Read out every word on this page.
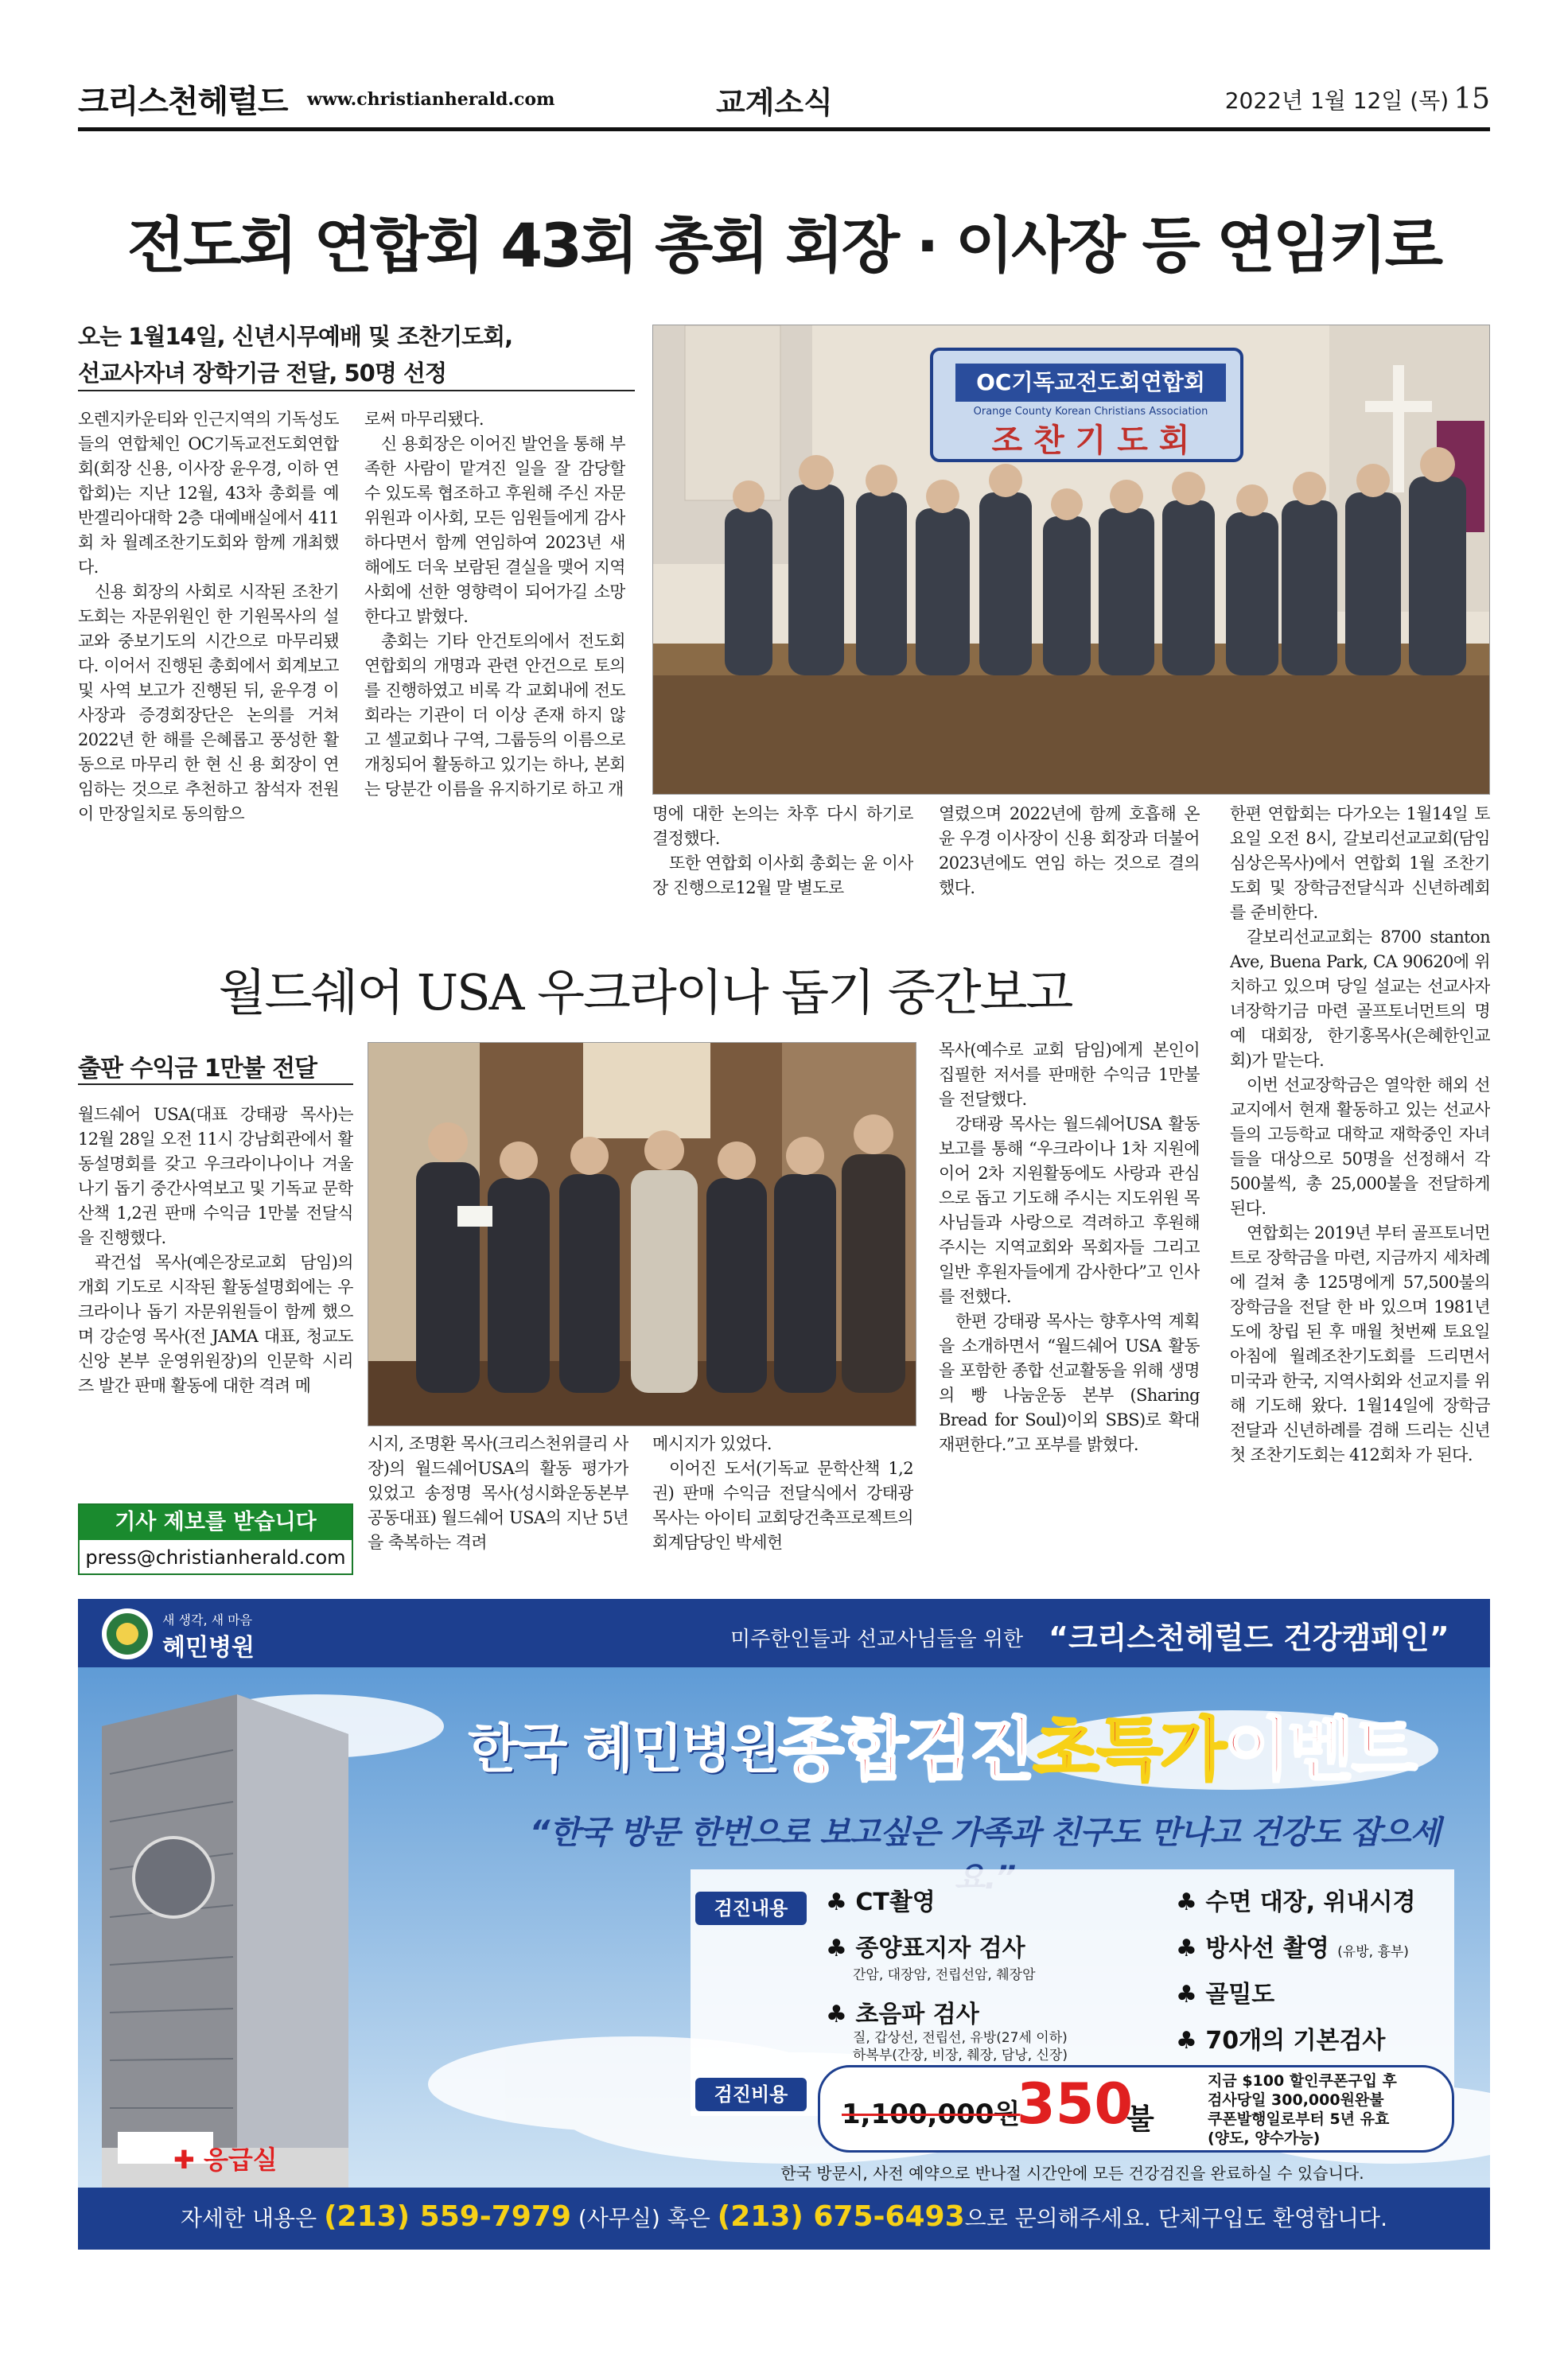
크리스천헤럴드 www.christianherald.com	교계소식	2022년 1월 12일 (목) 15
전도회 연합회 43회 총회 회장 · 이사장 등 연임키로
오는 1월14일, 신년시무예배 및 조찬기도회,
선교사자녀 장학기금 전달, 50명 선정
오렌지카운티와 인근지역의 기독성도들의 연합체인 OC기독교전도회연합회(회장 신용, 이사장 윤우경, 이하 연합회)는 지난 12월, 43차 총회를 예반겔리아대학 2층 대예배실에서 411회 차 월례조찬기도회와 함께 개최했다.
신용 회장의 사회로 시작된 조찬기도회는 자문위원인 한 기원목사의 설교와 중보기도의 시간으로 마무리됐다. 이어서 진행된 총회에서 회계보고 및 사역 보고가 진행된 뒤, 윤우경 이사장과 증경회장단은 논의를 거쳐 2022년 한 해를 은혜롭고 풍성한 활동으로 마무리 한 현 신 용 회장이 연임하는 것으로 추천하고 참석자 전원이 만장일치로 동의함으
로써 마무리됐다.
신 용회장은 이어진 발언을 통해 부족한 사람이 맡겨진 일을 잘 감당할 수 있도록 협조하고 후원해 주신 자문위원과 이사회, 모든 임원들에게 감사하다면서 함께 연임하여 2023년 새해에도 더욱 보람된 결실을 맺어 지역사회에 선한 영향력이 되어가길 소망한다고 밝혔다.
총회는 기타 안건토의에서 전도회연합회의 개명과 관련 안건으로 토의를 진행하였고 비록 각 교회내에 전도회라는 기관이 더 이상 존재 하지 않고 셀교회나 구역, 그룹등의 이름으로 개칭되어 활동하고 있기는 하나, 본회는 당분간 이름을 유지하기로 하고 개
OC기독교전도회연합회
Orange County Korean Christians Association
조 찬 기 도 회
명에 대한 논의는 차후 다시 하기로 결정했다.
또한 연합회 이사회 총회는 윤 이사장 진행으로12월 말 별도로
열렸으며 2022년에 함께 호흡해 온 윤 우경 이사장이 신용 회장과 더불어 2023년에도 연임 하는 것으로 결의했다.
한편 연합회는 다가오는 1월14일 토요일 오전 8시, 갈보리선교교회(담임 심상은목사)에서 연합회 1월 조찬기도회 및 장학금전달식과 신년하례회를 준비한다.
갈보리선교교회는 8700 stanton Ave, Buena Park, CA 90620에 위치하고 있으며 당일 설교는 선교사자녀장학기금 마련 골프토너먼트의 명예 대회장, 한기홍목사(은혜한인교회)가 맡는다.
이번 선교장학금은 열악한 해외 선교지에서 현재 활동하고 있는 선교사들의 고등학교 대학교 재학중인 자녀들을 대상으로 50명을 선정해서 각 500불씩, 총 25,000불을 전달하게 된다.
연합회는 2019년 부터 골프토너먼트로 장학금을 마련, 지금까지 세차례에 걸쳐 총 125명에게 57,500불의 장학금을 전달 한 바 있으며 1981년도에 창립 된 후 매월 첫번째 토요일 아침에 월례조찬기도회를 드리면서 미국과 한국, 지역사회와 선교지를 위해 기도해 왔다. 1월14일에 장학금 전달과 신년하례를 겸해 드리는 신년 첫 조찬기도회는 412회차 가 된다.
월드쉐어 USA 우크라이나 돕기 중간보고
출판 수익금 1만불 전달
월드쉐어 USA(대표 강태광 목사)는 12월 28일 오전 11시 강남회관에서 활동설명회를 갖고 우크라이나이나 겨울나기 돕기 중간사역보고 및 기독교 문학산책 1,2권 판매 수익금 1만불 전달식을 진행했다.
곽건섭 목사(예은장로교회 담임)의 개회 기도로 시작된 활동설명회에는 우크라이나 돕기 자문위원들이 함께 했으며 강순영 목사(전 JAMA 대표, 청교도 신앙 본부 운영위원장)의 인문학 시리즈 발간 판매 활동에 대한 격려 메
시지, 조명환 목사(크리스천위클리 사장)의 월드쉐어USA의 활동 평가가 있었고 송정명 목사(성시화운동본부 공동대표) 월드쉐어 USA의 지난 5년을 축복하는 격려
메시지가 있었다.
이어진 도서(기독교 문학산책 1,2권) 판매 수익금 전달식에서 강태광 목사는 아이티 교회당건축프로젝트의 회계담당인 박세헌
목사(예수로 교회 담임)에게 본인이 집필한 저서를 판매한 수익금 1만불을 전달했다.
강태광 목사는 월드쉐어USA 활동 보고를 통해 “우크라이나 1차 지원에 이어 2차 지원활동에도 사랑과 관심으로 돕고 기도해 주시는 지도위원 목사님들과 사랑으로 격려하고 후원해 주시는 지역교회와 목회자들 그리고 일반 후원자들에게 감사한다”고 인사를 전했다.
한편 강태광 목사는 향후사역 계획을 소개하면서 “월드쉐어 USA 활동을 포함한 종합 선교활동을 위해 생명의 빵 나눔운동 본부 (Sharing Bread for Soul)이외 SBS)로 확대 재편한다.”고 포부를 밝혔다.
기사 제보를 받습니다
press@christianherald.com
새 생각, 새 마음
혜민병원	미주한인들과 선교사님들을 위한 “크리스천헤럴드 건강캠페인”
한국 혜민병원
종합검진초특가이벤트
“한국 방문 한번으로 보고싶은 가족과 친구도 만나고 건강도 잡으세
검진내용	♣ CT촬영
♣ 종양표지자 검사
간암, 대장암, 전립선암, 췌장암
♣ 초음파 검사
질, 갑상선, 전립선, 유방(27세 이하)
하복부(간장, 비장, 췌장, 담낭, 신장)
♣ 수면 대장, 위내시경
♣ 방사선 촬영 (유방, 흉부)
♣ 골밀도
♣ 70개의 기본검사
검진비용
1,100,000원
350
불
지금 $100 할인쿠폰구입 후
검사당일 300,000원완불
쿠폰발행일로부터 5년 유효
(양도, 양수가능)
한국 방문시, 사전 예약으로 반나절 시간안에 모든 건강검진을 완료하실 수 있습니다.
✚ 응급실
자세한 내용은 (213) 559-7979 (사무실) 혹은 (213) 675-6493으로 문의해주세요. 단체구입도 환영합니다.
